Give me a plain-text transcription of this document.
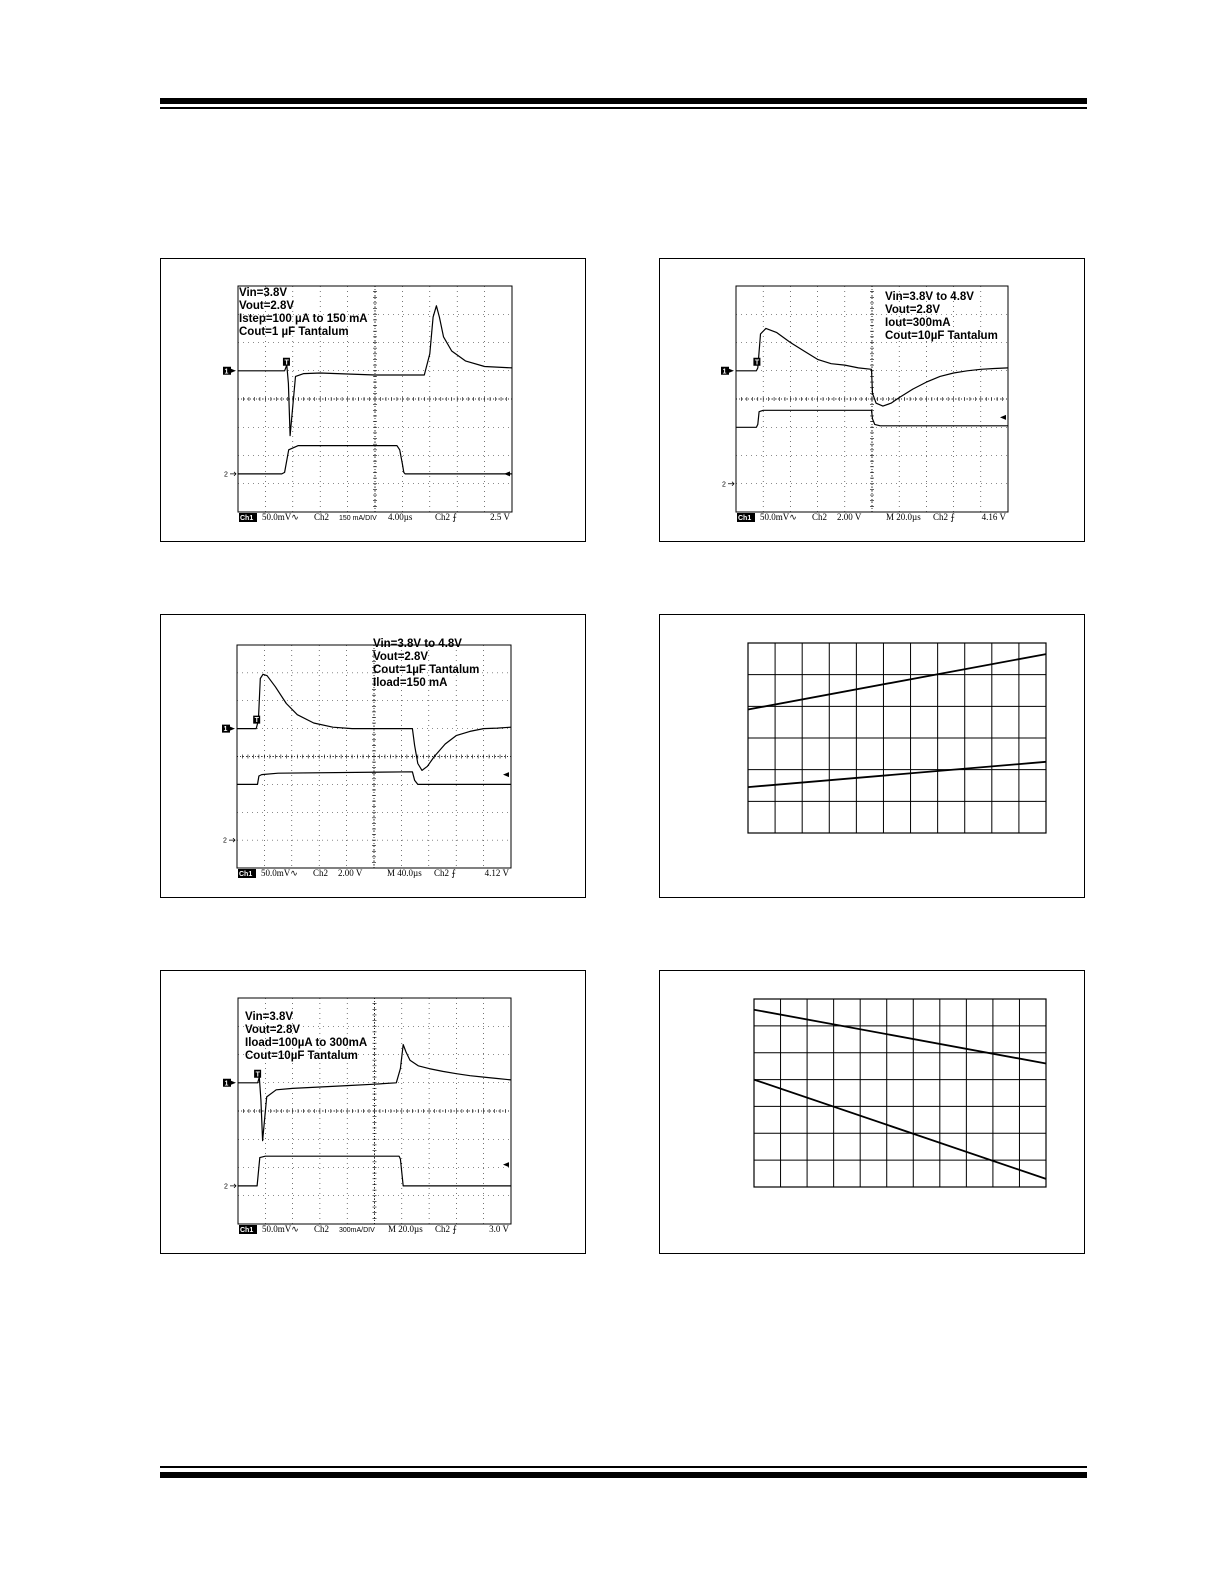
Vin=3.8V
Vout=2.8V
Istep=100 µA to 150 mA
Cout=1 µF Tantalum
1
2
T
Ch1 50.0mV∿ Ch2 150 mA/DIV 4.00µs	Ch2 ⨍	2.5 V
Vin=3.8V to 4.8V
Vout=2.8V
Iout=300mA
Cout=10µF Tantalum
1
2
T
Ch1 50.0mV∿ Ch2 2.00 V	M 20.0µs Ch2 ⨍	4.16 V
Vin=3.8V to 4.8V
Vout=2.8V
Cout=1µF Tantalum
Iload=150 mA
1
2
T
Ch1 50.0mV∿ Ch2 2.00 V	M 40.0µs Ch2 ⨍	4.12 V
Vin=3.8V
Vout=2.8V
Iload=100µA to 300mA
Cout=10µF Tantalum
1
2
T
Ch1 50.0mV∿ Ch2 300mA/DIV M 20.0µs Ch2 ⨍	3.0 V
